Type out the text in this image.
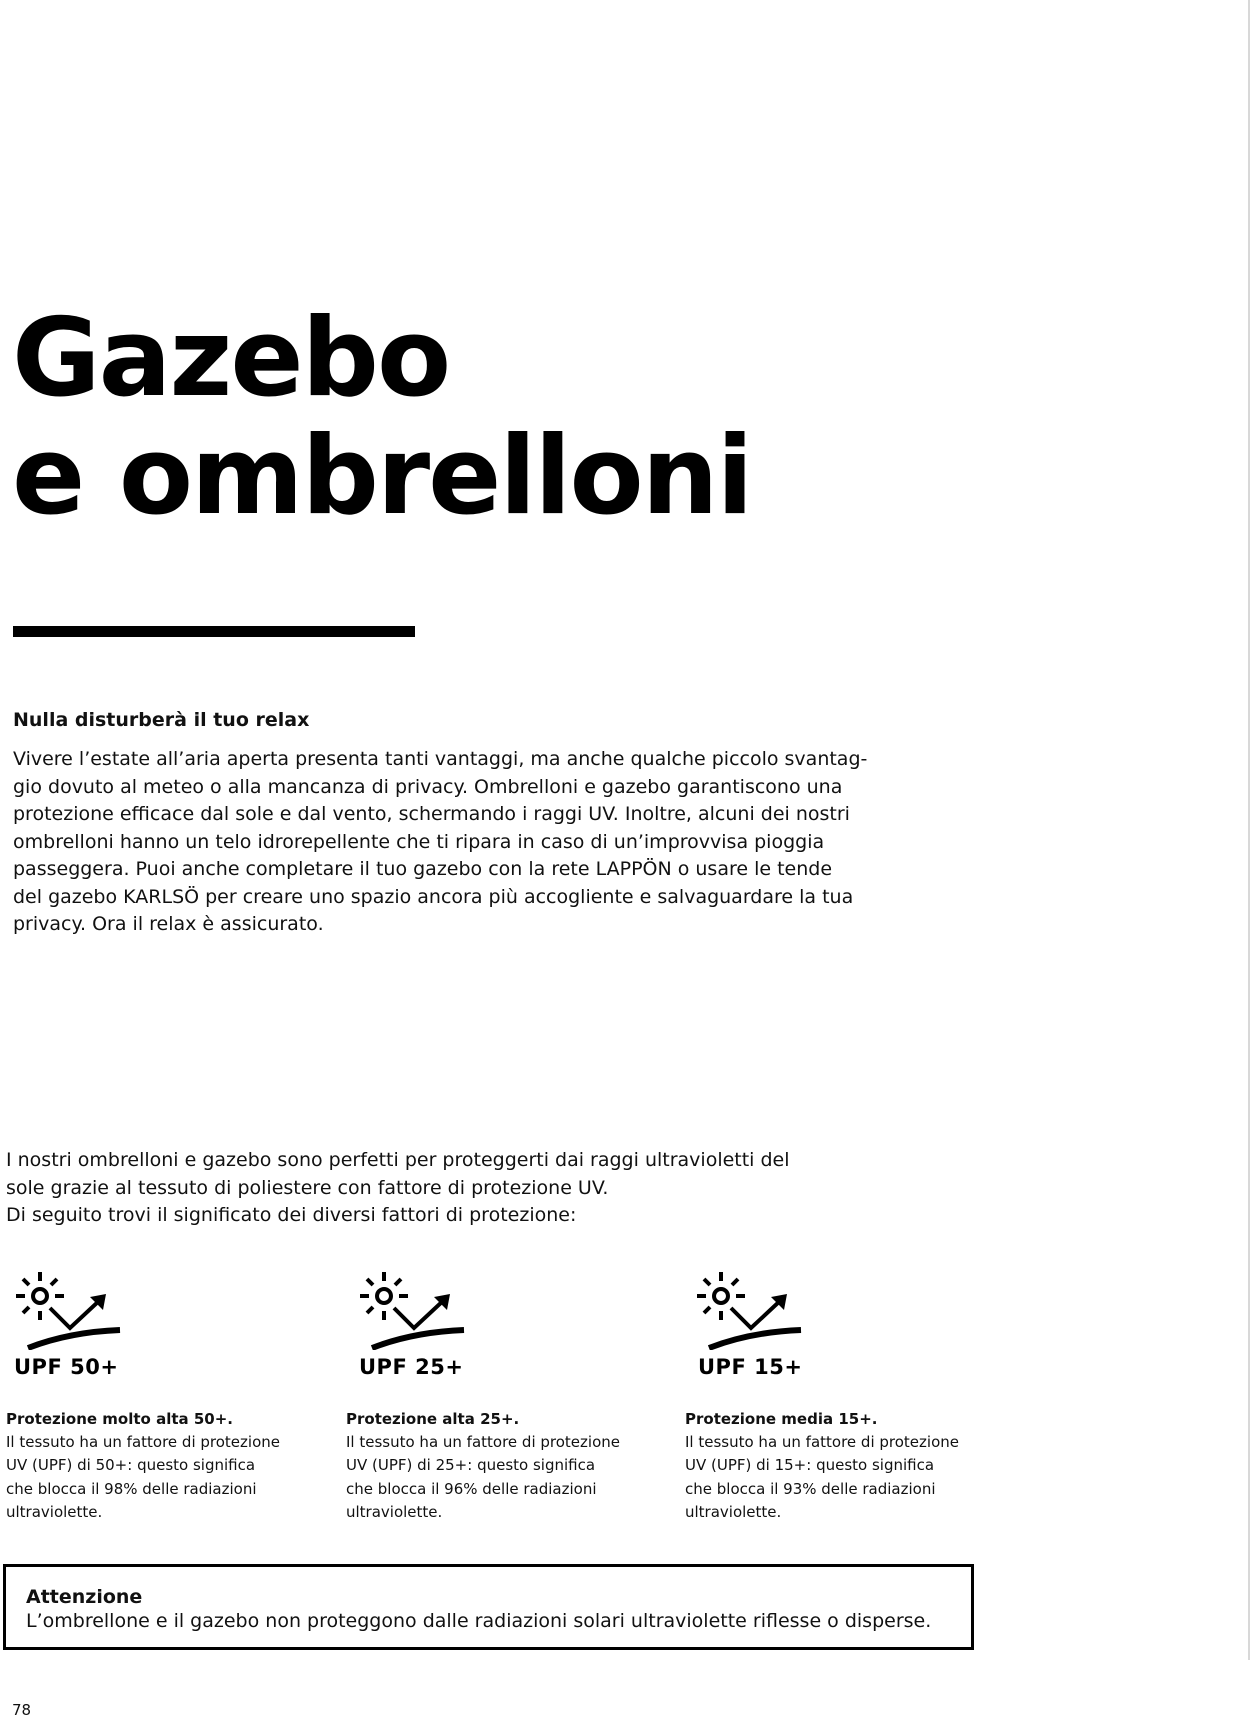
Gazebo
e ombrelloni
Nulla disturberà il tuo relax

Vivere l’estate all’aria aperta presenta tanti vantaggi, ma anche qualche piccolo svantag-
gio dovuto al meteo o alla mancanza di privacy. Ombrelloni e gazebo garantiscono una
protezione efficace dal sole e dal vento, schermando i raggi UV. Inoltre, alcuni dei nostri
ombrelloni hanno un telo idrorepellente che ti ripara in caso di un’improvvisa pioggia
passeggera. Puoi anche completare il tuo gazebo con la rete LAPPÖN o usare le tende
del gazebo KARLSÖ per creare uno spazio ancora più accogliente e salvaguardare la tua
privacy. Ora il relax è assicurato.

I nostri ombrelloni e gazebo sono perfetti per proteggerti dai raggi ultravioletti del
sole grazie al tessuto di poliestere con fattore di protezione UV.
Di seguito trovi il significato dei diversi fattori di protezione:

UPF 50+
Protezione molto alta 50+.
Il tessuto ha un fattore di protezione
UV (UPF) di 50+: questo significa
che blocca il 98% delle radiazioni
ultraviolette.
UPF 25+
Protezione alta 25+.
Il tessuto ha un fattore di protezione
UV (UPF) di 25+: questo significa
che blocca il 96% delle radiazioni
ultraviolette.
UPF 15+
Protezione media 15+.
Il tessuto ha un fattore di protezione
UV (UPF) di 15+: questo significa
che blocca il 93% delle radiazioni
ultraviolette.
Attenzione
L’ombrellone e il gazebo non proteggono dalle radiazioni solari ultraviolette riflesse o disperse.
78
